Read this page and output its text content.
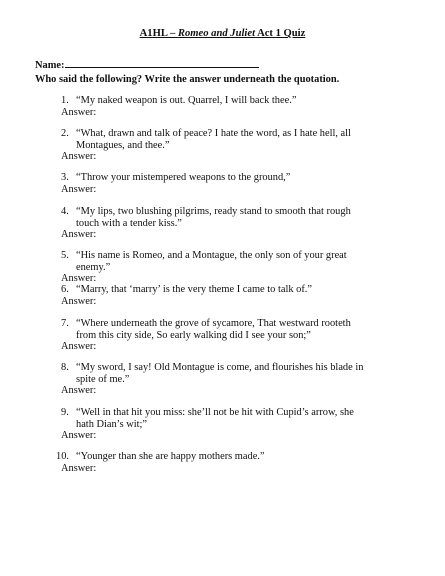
A1HL – Romeo and Juliet Act 1 Quiz
Name:
Who said the following? Write the answer underneath the quotation.
1. “My naked weapon is out. Quarrel, I will back thee.”
Answer:
2. “What, drawn and talk of peace? I hate the word, as I hate hell, all Montagues, and thee.”
Answer:
3. “Throw your mistempered weapons to the ground,”
Answer:
4. “My lips, two blushing pilgrims, ready stand to smooth that rough touch with a tender kiss.”
Answer:
5. “His name is Romeo, and a Montague, the only son of your great enemy.”
Answer:
6. “Marry, that ‘marry’ is the very theme I came to talk of.”
Answer:
7. “Where underneath the grove of sycamore, That westward rooteth from this city side, So early walking did I see your son;”
Answer:
8. “My sword, I say! Old Montague is come, and flourishes his blade in spite of me.”
Answer:
9. “Well in that hit you miss: she’ll not be hit with Cupid’s arrow, she hath Dian’s wit;”
Answer:
10. “Younger than she are happy mothers made.”
Answer:
